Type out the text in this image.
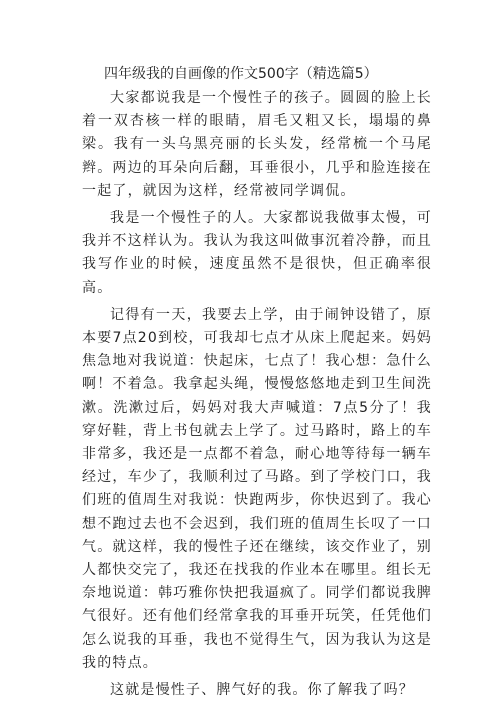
四年级我的自画像的作文500字（精选篇5）

大家都说我是一个慢性子的孩子。圆圆的脸上长着一双杏核一样的眼睛，眉毛又粗又长，塌塌的鼻梁。我有一头乌黑亮丽的长头发，经常梳一个马尾辫。两边的耳朵向后翻，耳垂很小，几乎和脸连接在一起了，就因为这样，经常被同学调侃。

我是一个慢性子的人。大家都说我做事太慢，可我并不这样认为。我认为我这叫做事沉着冷静，而且我写作业的时候，速度虽然不是很快，但正确率很高。

记得有一天，我要去上学，由于闹钟设错了，原本要7点20到校，可我却七点才从床上爬起来。妈妈焦急地对我说道：快起床，七点了！我心想：急什么啊！不着急。我拿起头绳，慢慢悠悠地走到卫生间洗漱。洗漱过后，妈妈对我大声喊道：7点5分了！我穿好鞋，背上书包就去上学了。过马路时，路上的车非常多，我还是一点都不着急，耐心地等待每一辆车经过，车少了，我顺利过了马路。到了学校门口，我们班的值周生对我说：快跑两步，你快迟到了。我心想不跑过去也不会迟到，我们班的值周生长叹了一口气。就这样，我的慢性子还在继续，该交作业了，别人都快交完了，我还在找我的作业本在哪里。组长无奈地说道：韩巧雅你快把我逼疯了。同学们都说我脾气很好。还有他们经常拿我的耳垂开玩笑，任凭他们怎么说我的耳垂，我也不觉得生气，因为我认为这是我的特点。

这就是慢性子、脾气好的我。你了解我了吗？
